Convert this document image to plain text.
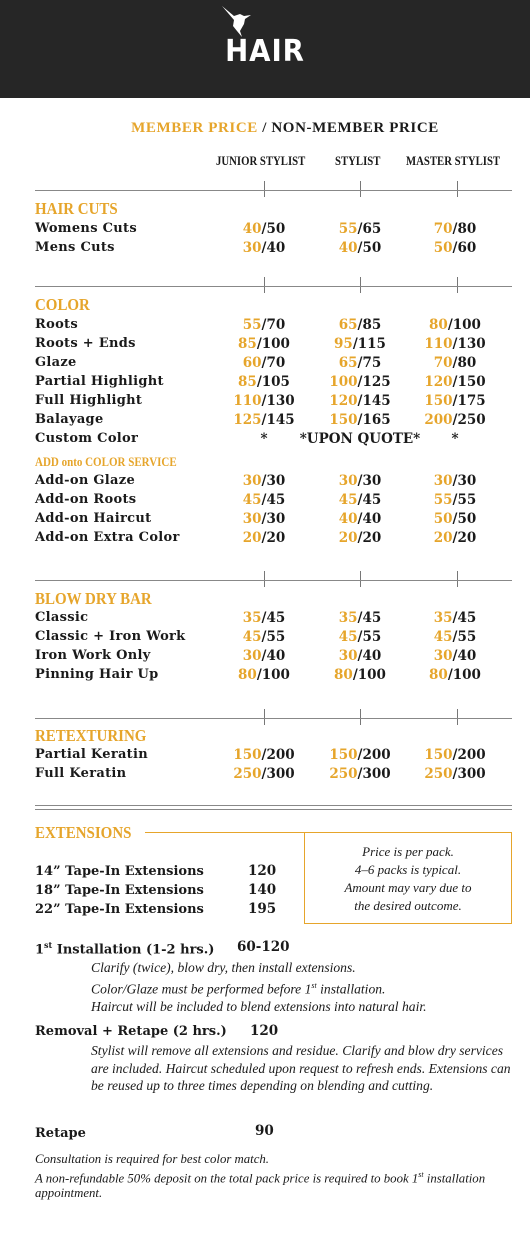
HAIR
MEMBER PRICE / NON-MEMBER PRICE
JUNIOR STYLIST STYLIST MASTER STYLIST
HAIR CUTS
Womens Cuts	40/50	55/65	70/80
Mens Cuts	30/40	40/50	50/60
COLOR
Roots	55/70	65/85	80/100
Roots + Ends	85/100	95/115	110/130
Glaze	60/70	65/75	70/80
Partial Highlight	85/105	100/125	120/150
Full Highlight	110/130	120/145	150/175
Balayage	125/145	150/165	200/250
Custom Color	*	*UPON QUOTE*	*
ADD onto COLOR SERVICE
Add-on Glaze	30/30	30/30	30/30
Add-on Roots	45/45	45/45	55/55
Add-on Haircut	30/30	40/40	50/50
Add-on Extra Color	20/20	20/20	20/20
BLOW DRY BAR
Classic	35/45	35/45	35/45
Classic + Iron Work	45/55	45/55	45/55
Iron Work Only	30/40	30/40	30/40
Pinning Hair Up	80/100	80/100	80/100
RETEXTURING
Partial Keratin	150/200	150/200	150/200
Full Keratin	250/300	250/300	250/300
EXTENSIONS
Price is per pack.
4–6 packs is typical.
Amount may vary due to
the desired outcome.
14” Tape-In Extensions	120
18” Tape-In Extensions	140
22” Tape-In Extensions	195
1st Installation (1-2 hrs.) 60-120
Clarify (twice), blow dry, then install extensions.
Color/Glaze must be performed before 1st installation.
Haircut will be included to blend extensions into natural hair.
Removal + Retape (2 hrs.) 120
Stylist will remove all extensions and residue. Clarify and blow dry services are included. Haircut scheduled upon request to refresh ends. Extensions can be reused up to three times depending on blending and cutting.
Retape	90
Consultation is required for best color match.
A non-refundable 50% deposit on the total pack price is required to book 1st installation appointment.
